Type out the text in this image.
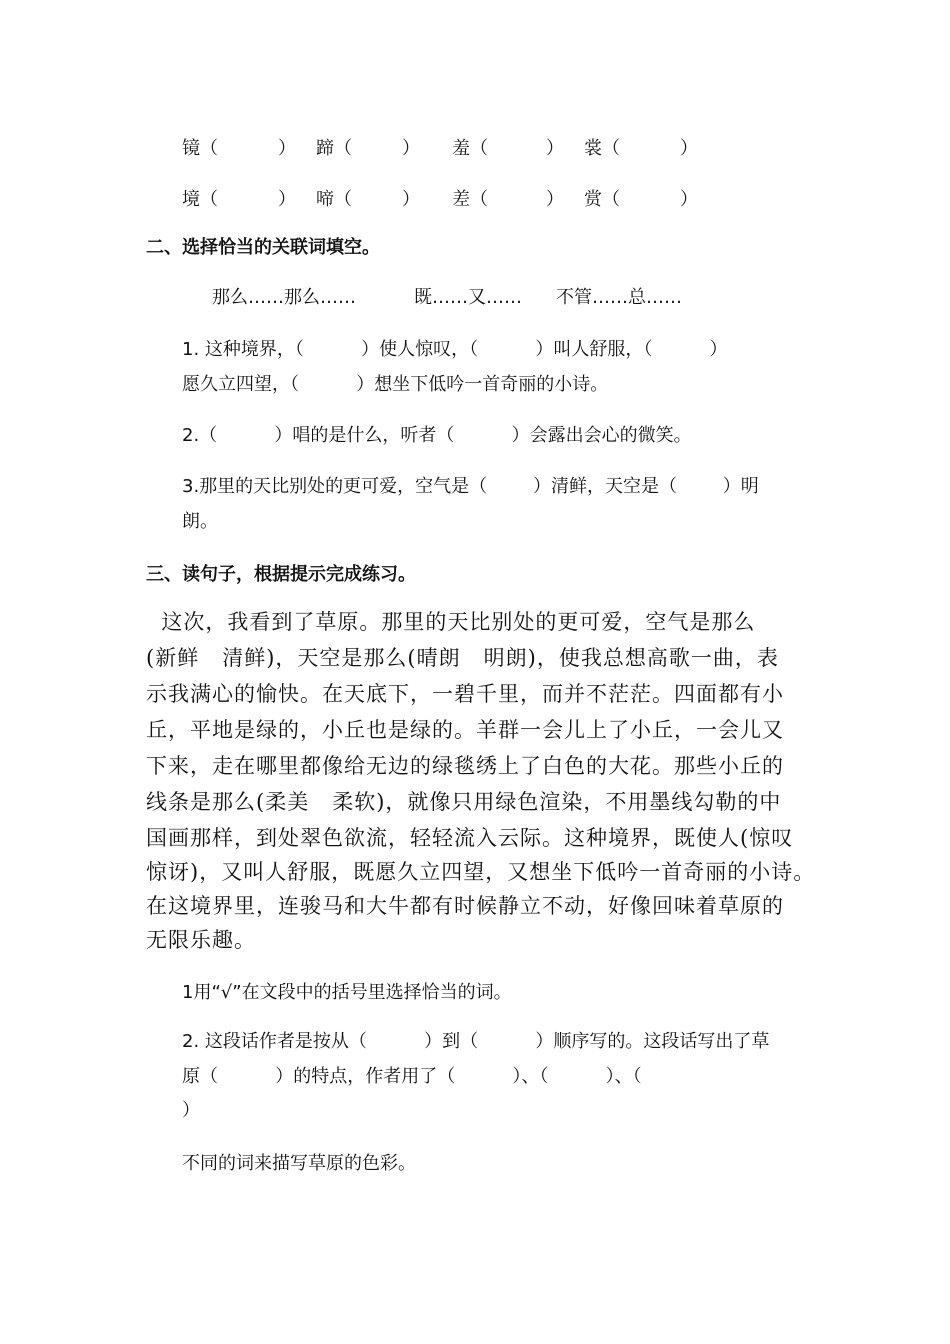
镜（	） 蹄（	） 羞（	） 裳（	）
境（	） 啼（	） 差（	） 赏（	）
二、选择恰当的关联词填空。
那么……那么……	既……又…… 不管……总……
1. 这种境界，（          ）使人惊叹，（          ）叫人舒服，（          ）
愿久立四望，（          ）想坐下低吟一首奇丽的小诗。
2.（          ）唱的是什么，听者（          ）会露出会心的微笑。
3.那里的天比别处的更可爱，空气是（        ）清鲜，天空是（        ）明
朗。
三、读句子，根据提示完成练习。
这次，我看到了草原。那里的天比别处的更可爱，空气是那么
(新鲜   清鲜)，天空是那么(晴朗   明朗)，使我总想高歌一曲，表
示我满心的愉快。在天底下，一碧千里，而并不茫茫。四面都有小
丘，平地是绿的，小丘也是绿的。羊群一会儿上了小丘，一会儿又
下来，走在哪里都像给无边的绿毯绣上了白色的大花。那些小丘的
线条是那么(柔美   柔软)，就像只用绿色渲染，不用墨线勾勒的中
国画那样，到处翠色欲流，轻轻流入云际。这种境界，既使人(惊叹
惊讶)，又叫人舒服，既愿久立四望，又想坐下低吟一首奇丽的小诗。
在这境界里，连骏马和大牛都有时候静立不动，好像回味着草原的
无限乐趣。
1用“√”在文段中的括号里选择恰当的词。
2. 这段话作者是按从（          ）到（          ）顺序写的。这段话写出了草
原（          ）的特点，作者用了（          ）、（          ）、（
）
不同的词来描写草原的色彩。
